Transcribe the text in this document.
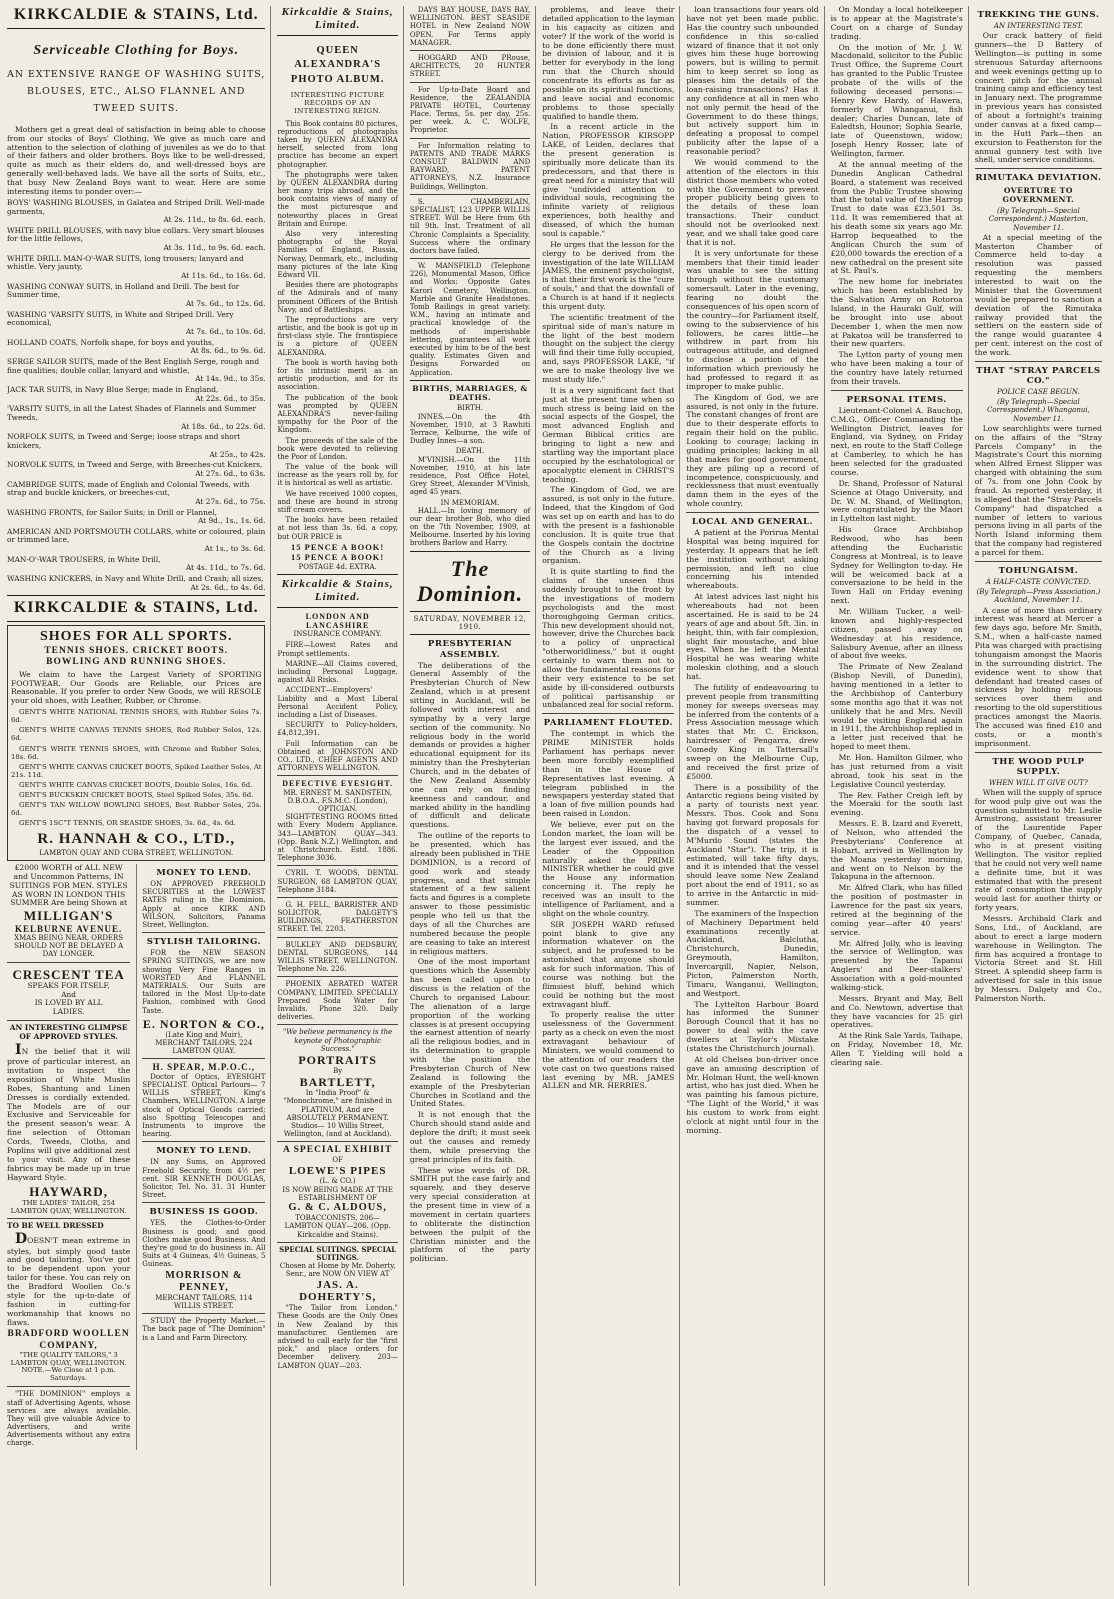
KIRKCALDIE & STAINS, Ltd.
Serviceable Clothing for Boys.
AN EXTENSIVE RANGE OF WASHING SUITS, BLOUSES, ETC., ALSO FLANNEL AND TWEED SUITS.

Mothers get a great deal of satisfaction in being able to choose from our stocks of Boys' Clothing. We give as much care and attention to the selection of clothing of juveniles as we do to that of their fathers and older brothers. Boys like to be well-dressed, quite as much as their elders do, and well-dressed boys are generally well-behaved lads. We have all the sorts of Suits, etc., that busy New Zealand Boys want to wear. Here are some interesting items to ponder over:—

BOYS' WASHING BLOUSES, in Galatea and Striped Drill. Well-made garments,
At 2s. 11d., to 8s. 6d. each.
WHITE DRILL BLOUSES, with navy blue collars. Very smart blouses for the little fellows,
At 3s. 11d., to 9s. 6d. each.
WHITE DRILL MAN-O'-WAR SUITS, long trousers; lanyard and whistle. Very jaunty,
At 11s. 6d., to 16s. 6d.
WASHING CONWAY SUITS, in Holland and Drill. The best for Summer time,
At 7s. 6d., to 12s. 6d.
WASHING 'VARSITY SUITS, in White and Striped Drill. Very economical,
At 7s. 6d., to 10s. 6d.
HOLLAND COATS, Norfolk shape, for boys and youths,
At 8s. 6d., to 9s. 6d.
SERGE SAILOR SUITS, made of the Best English Serge, rough and fine qualities; double collar, lanyard and whistle,
At 14s. 9d., to 35s.
JACK TAR SUITS, in Navy Blue Serge; made in England,
At 22s. 6d., to 35s.
'VARSITY SUITS, in all the Latest Shades of Flannels and Summer Tweeds,
At 18s. 6d., to 22s. 6d.
NORFOLK SUITS, in Tweed and Serge; loose straps and short knickers,
At 25s., to 42s.
NORVOLK SUITS, in Tweed and Serge, with Breeches-cut Knickers,
At 27s. 6d., to 63s.
CAMBRIDGE SUITS, made of English and Colonial Tweeds, with strap and buckle knickers, or breeches-cut,
At 27s. 6d., to 75s.
WASHING FRONTS, for Sailor Suits; in Drill or Flannel,
At 9d., 1s., 1s. 6d.
AMERICAN AND PORTSMOUTH COLLARS, white or coloured, plain or trimmed lace,
At 1s., to 3s. 6d.
MAN-O'-WAR TROUSERS, in White Drill,
At 4s. 11d., to 7s. 6d.
WASHING KNICKERS, in Navy and White Drill, and Crash; all sizes,
At 2s. 6d., to 4s. 6d.
KIRKCALDIE & STAINS, Ltd.
SHOES FOR ALL SPORTS.
TENNIS SHOES. CRICKET BOOTS.
BOWLING AND RUNNING SHOES.

We claim to have the Largest Variety of SPORTING FOOTWEAR. Our Goods are Reliable, our Prices are Reasonable. If you prefer to order New Goods, we will RESOLE your old shoes, with Leather, Rubber, or Chrome.

GENT'S WHITE NATIONAL TENNIS SHOES, with Rubber Soles 7s. 6d.

GENT'S WHITE CANVAS TENNIS SHOES, Red Rubber Soles, 12s. 6d.

GENT'S WHITE TENNIS SHOES, with Chrome and Rubber Soles, 18s. 6d.

GENT'S WHITE CANVAS CRICKET BOOTS, Spiked Leather Soles, At 21s. 11d.

GENT'S WHITE CANVAS CRICKET BOOTS, Double Soles, 16s. 6d.

GENT'S BUCKSKIN CRICKET BOOTS, Steel Spiked Soles, 35s. 6d.

GENT'S TAN WILLOW BOWLING SHOES, Best Rubber Soles, 25s. 6d.

GENT'S 1SC"T TENNIS, OR SEASIDE SHOES, 3s. 6d., 4s. 6d.

R. HANNAH & CO., LTD.,
LAMBTON QUAY AND CUBA STREET, WELLINGTON.
£2000 WORTH of ALL NEW and Uncommon Patterns, IN SUITINGS FOR MEN. STYLES AS WORN IN LONDON THIS SUMMER Are being Shown at
MILLIGAN'S
KELBURNE AVENUE.
XMAS BEING NEAR, ORDERS SHOULD NOT BE DELAYED A DAY LONGER.
CRESCENT TEA
SPEAKS FOR ITSELF,
And
IS LOVED BY ALL
LADIES.
AN INTERESTING GLIMPSE OF APPROVED STYLES.

IN the belief that it will prove of particular interest, an invitation to inspect the exposition of White Muslin Robes, Shantung and Linen Dresses is cordially extended. The Models are of our Exclusive and Serviceable for the present season's wear. A fine selection of Ottoman Cords, Tweeds, Cloths, and Poplins will give additional zest to your visit. Any of these fabrics may be made up in true Hayward Style.

HAYWARD,
THE LADIES' TAILOR, 254 LAMBTON QUAY, WELLINGTON.
TO BE WELL DRESSED

DOESN'T mean extreme in styles, but simply good taste and good tailoring. You've got to be dependent upon your tailor for these. You can rely on the Bradford Woollen Co.'s style for the up-to-date of fashion in cutting-for workmanship that knows no flaws.

BRADFORD WOOLLEN COMPANY,
"THE QUALITY TAILORS," 3 LAMBTON QUAY, WELLINGTON. NOTE.—We Close at 1 p.m. Saturdays.

"THE DOMINION" employs a staff of Advertising Agents, whose services are always available. They will give valuable Advice to Advertisers, and write Advertisements without any extra charge.

MONEY TO LEND.

ON APPROVED FREEHOLD SECURITIES at the LOWEST RATES ruling in the Dominion. Apply at once KIRK AND WILSON, Solicitors, Panama Street, Wellington.

STYLISH TAILORING.

FOR the NEW SEASON SPRING SUITINGS, we are now showing Very Fine Ranges in WORSTED And FLANNEL MATERIALS. Our Suits are tailored in the Most Up-to-date Fashion, combined with Good Taste.

E. NORTON & CO.,
(Late King and Muir), MERCHANT TAILORS, 224 LAMBTON QUAY.
H. SPEAR, M.P.O.C.,

Doctor of Optics, EYESIGHT SPECIALIST. Optical Parlours— 7 WILLIS STREET, King's Chambers, WELLINGTON. A large stock of Optical Goods carried; also Spotting Telescopes and Instruments to improve the hearing.

MONEY TO LEND.

IN any Sums, on Approved Freehold Security, from 4½ per cent. SIR KENNETH DOUGLAS, Solicitor, Tel. No. 31. 31 Hunter Street.

BUSINESS IS GOOD.

YES, the Clothes-to-Order Business is good; and good Clothes make good Business. And they're good to do business in. All Suits at 4 Guineas, 4½ Guineas, 5 Guineas.

MORRISON & PENNEY,
MERCHANT TAILORS, 114 WILLIS STREET.

STUDY the Property Market.—The back page of "The Dominion" is a Land and Farm Directory.

Kirkcaldie & Stains, Limited.
QUEEN ALEXANDRA'S PHOTO ALBUM.
INTERESTING PICTURE RECORDS OF AN INTERESTING REIGN.

This Book contains 80 pictures, reproductions of photographs taken by QUEEN ALEXANDRA herself, selected from long practice has become an expert photographer.

The photographs were taken by QUEEN ALEXANDRA during her many trips abroad, and the book contains views of many of the most picturesque and noteworthy places in Great Britain and Europe.

Also very interesting photographs of the Royal Families of England, Russia, Norway, Denmark, etc., including many pictures of the late King Edward VII.

Besides there are photographs of the Admirals and of many prominent Officers of the British Navy, and of Battleships.

The reproductions are very artistic, and the book is got up in first-class style. The frontispiece is a picture of QUEEN ALEXANDRA.

The book is worth having both for its intrinsic merit as an artistic production, and for its association.

The publication of the book was prompted by QUEEN ALEXANDRA'S never-failing sympathy for the Poor of the Kingdom.

The proceeds of the sale of the book were devoted to relieving the Poor of London.

The value of the book will increase as the years roll by, for it is historical as well as artistic.

We have received 1000 copies, and these are bound in strong stiff cream covers.

The books have been retailed at not less than 3s. 6d. a copy, but OUR PRICE is

15 PENCE A BOOK!
15 PENCE A BOOK!
POSTAGE 4d. EXTRA.
Kirkcaldie & Stains, Limited.
LONDON AND LANCASHIRE
INSURANCE COMPANY.

FIRE—Lowest Rates and Prompt settlements.

MARINE—All Claims covered, including Personal Luggage, against All Risks.

ACCIDENT—Employers' Liability and a Most Liberal Personal Accident Policy, including a List of Diseases.

SECURITY to Policy-holders, £4,812,391.

Full Information can be Obtained at JOHNSTON AND CO., LTD., CHIEF AGENTS AND ATTORNEYS WELLINGTON.

DEFECTIVE EYESIGHT.
MR. ERNEST M. SANDSTEIN, D.B.O.A., F.S.M.C. (London), OPTICIAN.

SIGHT-TESTING ROOMS fitted with Every Modern Appliance. 343—LAMBTON QUAY—343. (Opp. Bank N.Z.) Wellington, and at Christchurch. Estd. 1886. Telephone 3036.

CYRIL T. WOODS, DENTAL SURGEON, 68 LAMBTON QUAY, Telephone 3184.

G. H. FELL, BARRISTER AND SOLICITOR, DALGETY'S BUILDINGS, FEATHERSTON STREET. Tel. 2203.

BULKLEY AND DEDSBURY, DENTAL SURGEONS, 144 WILLIS STREET, WELLINGTON. Telephone No. 226.

PHOENIX AERATED WATER COMPANY, LIMITED. SPECIALLY Prepared Soda Water for Invalids. Phone 320. Daily deliveries.

"We believe permanency is the keynote of Photographic Success."
PORTRAITS
By
BARTLETT,
In "India Proof" & "Monochrome," are finished in PLATINUM, And are ABSOLUTELY PERMANENT.
Studios— 10 Willis Street, Wellington, (and at Auckland).
A SPECIAL EXHIBIT
OF
LOEWE'S PIPES
(L. & CO.)
IS NOW BEING MADE AT THE ESTABLISHMENT OF
G. & C. ALDOUS,
TOBACCONISTS, 206—LAMBTON QUAY—206. (Opp. Kirkcaldie and Stains).
SPECIAL SUITINGS. SPECIAL SUITINGS.
Chosen at Home by Mr. Doherty, Senr., are NOW ON VIEW AT
JAS. A. DOHERTY'S,

"The Tailor from London." These Goods are the Only Ones in New Zealand by this manufacturer. Gentlemen are advised to call early for the "first pick," and place orders for December delivery. 203—LAMBTON QUAY—203.

DAYS BAY HOUSE, DAYS BAY, WELLINGTON. BEST SEASIDE HOTEL in New Zealand NOW OPEN. For Terms apply MANAGER.

HOGGARD AND PRouse, ARCHITECTS, 20 HUNTER STREET.

For Up-to-Date Board and Residence, the ZEALANDIA PRIVATE HOTEL, Courtenay Place. Terms, 5s. per day, 25s. per week. A. C. WOLFE, Proprietor.

For Information relating to PATENTS AND TRADE MARKS CONSULT BALDWIN AND RAYWARD, PATENT ATTORNEYS, N.Z. Insurance Buildings, Wellington.

S. CHAMBERLAIN, SPECIALIST, 123 UPPER WILLIS STREET. Will be Here from 6th till 9th. Inst. Treatment of all Chronic Complaints a Speciality. Success where the ordinary doctors have failed.

W. MANSFIELD (Telephone 226), Monumental Mason, Office and Works: Opposite Gates Karori Cemetery, Wellington. Marble and Granite Headstones. Tomb Railings in great variety. W.M., having an intimate and practical knowledge of the methods of imperishable lettering, guarantees all work executed by him to be of the best quality. Estimates Given and Designs Forwarded on Application.

BIRTHS, MARRIAGES, & DEATHS.
BIRTH.

INNES.—On the 4th November, 1910, at 3 Rawhiti Terrace, Kelburne, the wife of Dudley Innes—a son.

DEATH.

M'VINISH.—On the 11th November, 1910, at his late residence, Post Office Hotel, Grey Street, Alexander M'Vinish, aged 45 years.

IN MEMORIAM.

HALL.—In loving memory of our dear brother Bob, who died on the 7th November, 1909, at Melbourne. Inserted by his loving brothers Barlow and Harry.

The Dominion.
SATURDAY, NOVEMBER 12, 1910.
PRESBYTERIAN ASSEMBLY.

The deliberations of the General Assembly of the Presbyterian Church of New Zealand, which is at present sitting in Auckland, will be followed with interest and sympathy by a very large section of the community. No religious body in the world demands or provides a higher educational equipment for its ministry than the Presbyterian Church, and in the debates of the New Zealand Assembly one can rely on finding keenness and candour, and marked ability in the handling of difficult and delicate questions.

The outline of the reports to be presented, which has already been published in THE DOMINION, is a record of good work and steady progress, and that simple statement of a few salient facts and figures is a complete answer to those pessimistic people who tell us that the days of all the Churches are numbered because the people are ceasing to take an interest in religious matters.

One of the most important questions which the Assembly has been called upon to discuss is the relation of the Church to organised Labour. The alienation of a large proportion of the working classes is at present occupying the earnest attention of nearly all the religious bodies, and in its determination to grapple with the position the Presbyterian Church of New Zealand is following the example of the Presbyterian Churches in Scotland and the United States.

It is not enough that the Church should stand aside and deplore the drift; it must seek out the causes and remedy them, while preserving the great principles of its faith.

These wise words of DR. SMITH put the case fairly and squarely, and they deserve very special consideration at the present time in view of a movement in certain quarters to obliterate the distinction between the pulpit of the Christian minister and the platform of the party politician.

problems, and leave their detailed application to the layman in his capacity as citizen and voter? If the work of the world is to be done efficiently there must be division of labour, and it is better for everybody in the long run that the Church should concentrate its efforts as far as possible on its spiritual functions, and leave social and economic problems to those specially qualified to handle them.

In a recent article in the Nation, PROFESSOR KIRSOPP LAKE, of Leiden, declares that the present generation is spiritually more delicate than its predecessors, and that there is great need for a ministry that will give "undivided attention to individual souls, recognising the infinite variety of religious experiences, both healthy and diseased, of which the human soul is capable."

He urges that the lesson for the clergy to be derived from the investigation of the late WILLIAM JAMES, the eminent psychologist, is that their first work is the "cure of souls," and that the downfall of a Church is at hand if it neglects this urgent duty.

The scientific treatment of the spiritual side of man's nature in the light of the best modern thought on the subject the clergy will find their time fully occupied, and, says PROFESSOR LAKE, "if we are to make theology live we must study life."

It is a very significant fact that just at the present time when so much stress is being laid on the social aspects of the Gospel, the most advanced English and German Biblical critics are bringing to light a new and startling way the important place occupied by the eschatological or apocalyptic element in CHRIST'S teaching.

The Kingdom of God, we are assured, is not only in the future. Indeed, that the Kingdom of God was set up on earth and has to do with the present is a fashionable conclusion. It is quite true that the Gospels contain the doctrine of the Church as a living organism.

It is quite startling to find the claims of the unseen thus suddenly brought to the front by the investigations of modern psychologists and the most thoroughgoing German critics. This new development should not, however, drive the Churches back to a policy of unpractical "otherworldliness," but it ought certainly to warn them not to allow the fundamental reasons for their very existence to be set aside by ill-considered outbursts of political partisanship or unbalanced zeal for social reform.

PARLIAMENT FLOUTED.

The contempt in which the PRIME MINISTER holds Parliament has perhaps never been more forcibly exemplified than in the House of Representatives last evening. A telegram published in the newspapers yesterday stated that a loan of five million pounds had been raised in London.

We believe, ever put on the London market, the loan will be the largest ever issued, and the Leader of the Opposition naturally asked the PRIME MINISTER whether he could give the House any information concerning it. The reply he received was an insult to the intelligence of Parliament, and a slight on the whole country.

SIR JOSEPH WARD refused point blank to give any information whatever on the subject, and he professed to be astonished that anyone should ask for such information. This of course was nothing but the flimsiest bluff, behind which could be nothing but the most extravagant bluff.

To properly realise the utter uselessness of the Government party as a check on even the most extravagant behaviour of Ministers, we would commend to the attention of our readers the vote cast on two questions raised last evening by MR. JAMES ALLEN and MR. HERRIES.

loan transactions four years old have not yet been made public. Has the country such unbounded confidence in this so-called wizard of finance that it not only gives him these huge borrowing powers, but is willing to permit him to keep secret so long as pleases him the details of the loan-raising transactions? Has it any confidence at all in men who not only permit the head of the Government to do these things, but actively support him in defeating a proposal to compel publicity after the lapse of a reasonable period?

We would commend to the attention of the electors in this district those members who voted with the Government to prevent proper publicity being given to the details of these loan transactions. Their conduct should not be overlooked next year, and we shall take good care that it is not.

It is very unfortunate for these members that their timid leader was unable to see the sitting through without the customary somersault. Later in the evening, fearing no doubt the consequences of his open scorn of the country—for Parliament itself, owing to the subservience of his followers, he cares little—he withdrew in part from his outrageous attitude, and deigned to disclose a portion of the information which previously he had professed to regard it as improper to make public.

The Kingdom of God, we are assured, is not only in the future. The constant changes of front are due to their desperate efforts to regain their hold on the public. Looking to courage; lacking in guiding principles; lacking in all that makes for good government, they are piling up a record of incompetence, conspicuously, and recklessness that must eventually damn them in the eyes of the whole country.

LOCAL AND GENERAL.

A patient at the Porirua Mental Hospital was being inquired for yesterday. It appears that he left the institution without asking permission, and left no clue concerning his intended whereabouts.

At latest advices last night his whereabouts had not been ascertained. He is said to be 24 years of age and about 5ft. 3in. in height, thin, with fair complexion, slight fair moustache, and blue eyes. When he left the Mental Hospital he was wearing white moleskin clothing, and a slouch hat.

The futility of endeavouring to prevent people from transmitting money for sweeps overseas may be inferred from the contents of a Press Association message which states that Mr. C. Erickson, hairdresser of Pengarra, drew Comedy King in Tattersall's sweep on the Melbourne Cup, and received the first prize of £5000.

There is a possibility of the Antarctic regions being visited by a party of tourists next year. Messrs. Thos. Cook and Sons having got forward proposals for the dispatch of a vessel to M'Murdo Sound (states the Auckland "Star"). The trip, it is estimated, will take fifty days, and it is intended that the vessel should leave some New Zealand port about the end of 1911, so as to arrive in the Antarctic in mid-summer.

The examiners of the Inspection of Machinery Department held examinations recently at Auckland, Balclutha, Christchurch, Dunedin, Greymouth, Hamilton, Invercargill, Napier, Nelson, Picton, Palmerston North, Timaru, Wanganui, Wellington, and Westport.

The Lyttelton Harbour Board has informed the Sumner Borough Council that it has no power to deal with the cave dwellers at Taylor's Mistake (states the Christchurch journal).

At old Chelsea bun-driver once gave an amusing description of Mr. Holman Hunt, the well-known artist, who has just died. When he was painting his famous picture, "The Light of the World," it was his custom to work from eight o'clock at night until four in the morning.

On Monday a local hotelkeeper is to appear at the Magistrate's Court on a charge of Sunday trading.

On the motion of Mr. J. W. Macdonald, solicitor to the Public Trust Office, the Supreme Court has granted to the Public Trustee probate of the wills of the following deceased persons:—Henry Kew Hardy, of Hawera, formerly of Whanganui, fish dealer; Charles Duncan, late of Ealedtsh, Hounor; Sophia Searle, late of Queenstown, widow; Joseph Henry Rosser, late of Wellington, farmer.

At the annual meeting of the Dunedin Anglican Cathedral Board, a statement was received from the Public Trustee showing that the total value of the Harrop Trust to date was £23,501 3s. 11d. It was remembered that at his death some six years ago Mr. Harrop bequeathed to the Anglican Church the sum of £20,000 towards the erection of a new cathedral on the present site at St. Paul's.

The new home for inebriates which has been established by the Salvation Army on Rotoroa Island, in the Hauraki Gulf, will be brought into use about December 1, when the men now at Pakatoa will be transferred to their new quarters.

The Lytton party of young men who have been making a tour of the country have lately returned from their travels.

PERSONAL ITEMS.

Lieutenant-Colonel A. Bauchop, C.M.G., Officer Commanding the Wellington District, leaves for England, via Sydney, on Friday next, en route to the Staff College at Camberley, to which he has been selected for the graduated course.

Dr. Shand, Professor of Natural Science at Otago University, and Dr. W. M. Shand, of Wellington, were congratulated by the Maori in Lyttelton last night.

His Grace Archbishop Redwood, who has been attending the Eucharistic Congress at Montreal, is to leave Sydney for Wellington to-day. He will be welcomed back at a conversazione to be held in the Town Hall on Friday evening next.

Mr. William Tucker, a well-known and highly-respected citizen, passed away on Wednesday at his residence, Salisbury Avenue, after an illness of about five weeks.

The Primate of New Zealand (Bishop Nevill, of Dunedin), having mentioned in a letter to the Archbishop of Canterbury some months ago that it was not unlikely that he and Mrs. Nevill would be visiting England again in 1911, the Archbishop replied in a letter just received that he hoped to meet them.

Mr. Hon. Hamilton Gilmer, who has just returned from a visit abroad, took his seat in the Legislative Council yesterday.

The Rev. Father Creigh left by the Moeraki for the south last evening.

Messrs. E. B. Izard and Everett, of Nelson, who attended the Presbyterians' Conference at Hobart, arrived in Wellington by the Moana yesterday morning, and went on to Nelson by the Takapuna in the afternoon.

Mr. Alfred Clark, who has filled the position of postmaster in Lawrence for the past six years, retired at the beginning of the coming year—after 40 years' service.

Mr. Alfred Jolly, who is leaving the service of Wellington, was presented by the Tapanui Anglers' and Deer-stalkers' Association with a gold-mounted walking-stick.

Messrs. Bryant and May, Bell and Co. Newtown, advertise that they have vacancies for 25 girl operatives.

At the Rink Sale Yards, Taihape, on Friday, November 18, Mr. Allen T. Yielding will hold a clearing sale.

TREKKING THE GUNS.
AN INTERESTING TEST.

Our crack battery of field gunners—the D Battery of Wellington—is putting in some strenuous Saturday afternoons and week evenings getting up to concert pitch for the annual training camp and efficiency test in January next. The programme in previous years has consisted of about a fortnight's training under canvas at a fixed camp—in the Hutt Park—then an excursion to Featherston for the annual gunnery test with live shell, under service conditions.

RIMUTAKA DEVIATION.
OVERTURE TO GOVERNMENT.
(By Telegraph—Special Correspondent.) Masterton, November 11.

At a special meeting of the Masterton Chamber of Commerce held to-day a resolution was passed requesting the members interested to wait on the Minister that the Government would be prepared to sanction a deviation of the Rimutaka railway provided that the settlers on the eastern side of the range would guarantee 4 per cent. interest on the cost of the work.

THAT "STRAY PARCELS CO."
POLICE CASE BEGUN.
(By Telegraph—Special Correspondent.) Whanganui, November 11.

Low searchlights were turned on the affairs of the "Stray Parcels Company" in the Magistrate's Court this morning when Alfred Ernest Slipper was charged with obtaining the sum of 7s. from one John Cook by fraud. As reported yesterday, it is alleged that the "Stray Parcels Company" had dispatched a number of letters to various persons living in all parts of the North Island informing them that the company had registered a parcel for them.

TOHUNGAISM.
A HALF-CASTE CONVICTED.
(By Telegraph—Press Association.) Auckland, November 11.

A case of more than ordinary interest was heard at Mercer a few days ago, before Mr. Smith, S.M., when a half-caste named Pita was charged with practising tohungaism amongst the Maoris in the surrounding district. The evidence went to show that defendant had treated cases of sickness by holding religious services over them and resorting to the old superstitious practices amongst the Maoris. The accused was fined £10 and costs, or a month's imprisonment.

THE WOOD PULP SUPPLY.
WHEN WILL IT GIVE OUT?

When will the supply of spruce for wood pulp give out was the question submitted to Mr. Leslie Armstrong, assistant treasurer of the Laurentide Paper Company, of Quebec, Canada, who is at present visiting Wellington. The visitor replied that he could not very well name a definite time, but it was estimated that with the present rate of consumption the supply would last for another thirty or forty years.

Messrs. Archibald Clark and Sons, Ltd., of Auckland, are about to erect a large modern warehouse in Wellington. The firm has acquired a frontage to Victoria Street and St. Hill Street. A splendid sheep farm is advertised for sale in this issue by Messrs. Dalgety and Co., Palmerston North.
